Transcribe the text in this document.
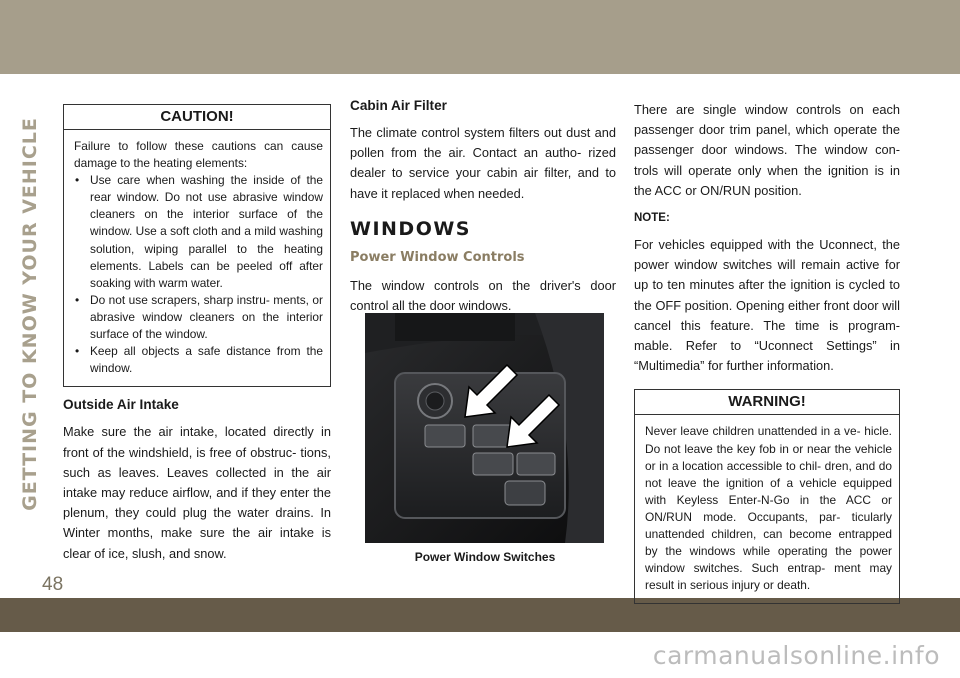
carmanualsonline.info
GETTING TO KNOW YOUR VEHICLE
48
CAUTION!

Failure to follow these cautions can cause damage to the heating elements:

• Use care when washing the inside of the rear window. Do not use abrasive window cleaners on the interior surface of the window. Use a soft cloth and a mild washing solution, wiping parallel to the heating elements. Labels can be peeled off after soaking with warm water.
• Do not use scrapers, sharp instru- ments, or abrasive window cleaners on the interior surface of the window.
• Keep all objects a safe distance from the window.
Outside Air Intake

Make sure the air intake, located directly in front of the windshield, is free of obstruc- tions, such as leaves. Leaves collected in the air intake may reduce airflow, and if they enter the plenum, they could plug the water drains. In Winter months, make sure the air intake is clear of ice, slush, and snow.

Cabin Air Filter

The climate control system filters out dust and pollen from the air. Contact an autho- rized dealer to service your cabin air filter, and to have it replaced when needed.

WINDOWS
Power Window Controls

The window controls on the driver's door control all the door windows.

Power Window Switches

There are single window controls on each passenger door trim panel, which operate the passenger door windows. The window con- trols will operate only when the ignition is in the ACC or ON/RUN position.

NOTE:

For vehicles equipped with the Uconnect, the power window switches will remain active for up to ten minutes after the ignition is cycled to the OFF position. Opening either front door will cancel this feature. The time is program- mable. Refer to “Uconnect Settings” in “Multimedia” for further information.

WARNING!

Never leave children unattended in a ve- hicle. Do not leave the key fob in or near the vehicle or in a location accessible to chil- dren, and do not leave the ignition of a vehicle equipped with Keyless Enter-N-Go in the ACC or ON/RUN mode. Occupants, par- ticularly unattended children, can become entrapped by the windows while operating the power window switches. Such entrap- ment may result in serious injury or death.
